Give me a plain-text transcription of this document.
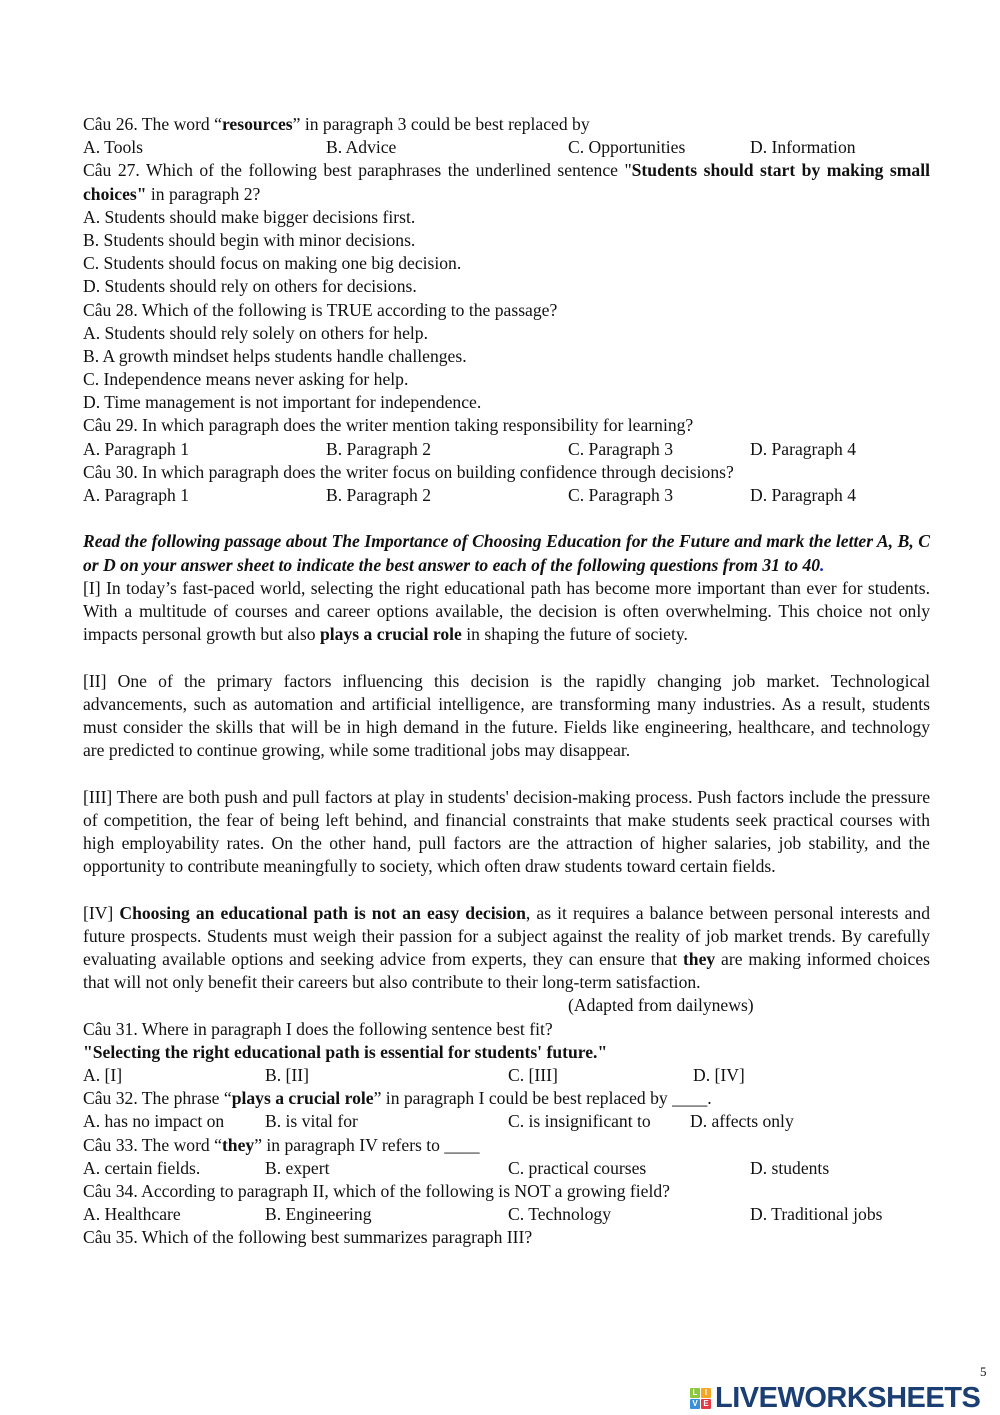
Câu 26. The word “resources” in paragraph 3 could be best replaced by
A. Tools	B. Advice	C. Opportunities	D. Information
Câu 27. Which of the following best paraphrases the underlined sentence "Students should start by making small choices" in paragraph 2?
A. Students should make bigger decisions first.
B. Students should begin with minor decisions.
C. Students should focus on making one big decision.
D. Students should rely on others for decisions.
Câu 28. Which of the following is TRUE according to the passage?
A. Students should rely solely on others for help.
B. A growth mindset helps students handle challenges.
C. Independence means never asking for help.
D. Time management is not important for independence.
Câu 29. In which paragraph does the writer mention taking responsibility for learning?
A. Paragraph 1	B. Paragraph 2	C. Paragraph 3	D. Paragraph 4
Câu 30. In which paragraph does the writer focus on building confidence through decisions?
A. Paragraph 1	B. Paragraph 2	C. Paragraph 3	D. Paragraph 4
Read the following passage about The Importance of Choosing Education for the Future and mark the letter A, B, C or D on your answer sheet to indicate the best answer to each of the following questions from 31 to 40.
[I] In today’s fast-paced world, selecting the right educational path has become more important than ever for students. With a multitude of courses and career options available, the decision is often overwhelming. This choice not only impacts personal growth but also plays a crucial role in shaping the future of society.
[II] One of the primary factors influencing this decision is the rapidly changing job market. Technological advancements, such as automation and artificial intelligence, are transforming many industries. As a result, students must consider the skills that will be in high demand in the future. Fields like engineering, healthcare, and technology are predicted to continue growing, while some traditional jobs may disappear.
[III] There are both push and pull factors at play in students' decision-making process. Push factors include the pressure of competition, the fear of being left behind, and financial constraints that make students seek practical courses with high employability rates. On the other hand, pull factors are the attraction of higher salaries, job stability, and the opportunity to contribute meaningfully to society, which often draw students toward certain fields.
[IV] Choosing an educational path is not an easy decision, as it requires a balance between personal interests and future prospects. Students must weigh their passion for a subject against the reality of job market trends. By carefully evaluating available options and seeking advice from experts, they can ensure that they are making informed choices that will not only benefit their careers but also contribute to their long-term satisfaction.
(Adapted from dailynews)
Câu 31. Where in paragraph I does the following sentence best fit?
"Selecting the right educational path is essential for students' future."
A. [I]	B. [II]	C. [III]	D. [IV]
Câu 32. The phrase “plays a crucial role” in paragraph I could be best replaced by ____.
A. has no impact on B. is vital for	C. is insignificant to D. affects only
Câu 33. The word “they” in paragraph IV refers to ____
A. certain fields.	B. expert	C. practical courses	D. students
Câu 34. According to paragraph II, which of the following is NOT a growing field?
A. Healthcare	B. Engineering	C. Technology	D. Traditional jobs
Câu 35. Which of the following best summarizes paragraph III?
L I
V E LIVEWORKSHEETS
5
